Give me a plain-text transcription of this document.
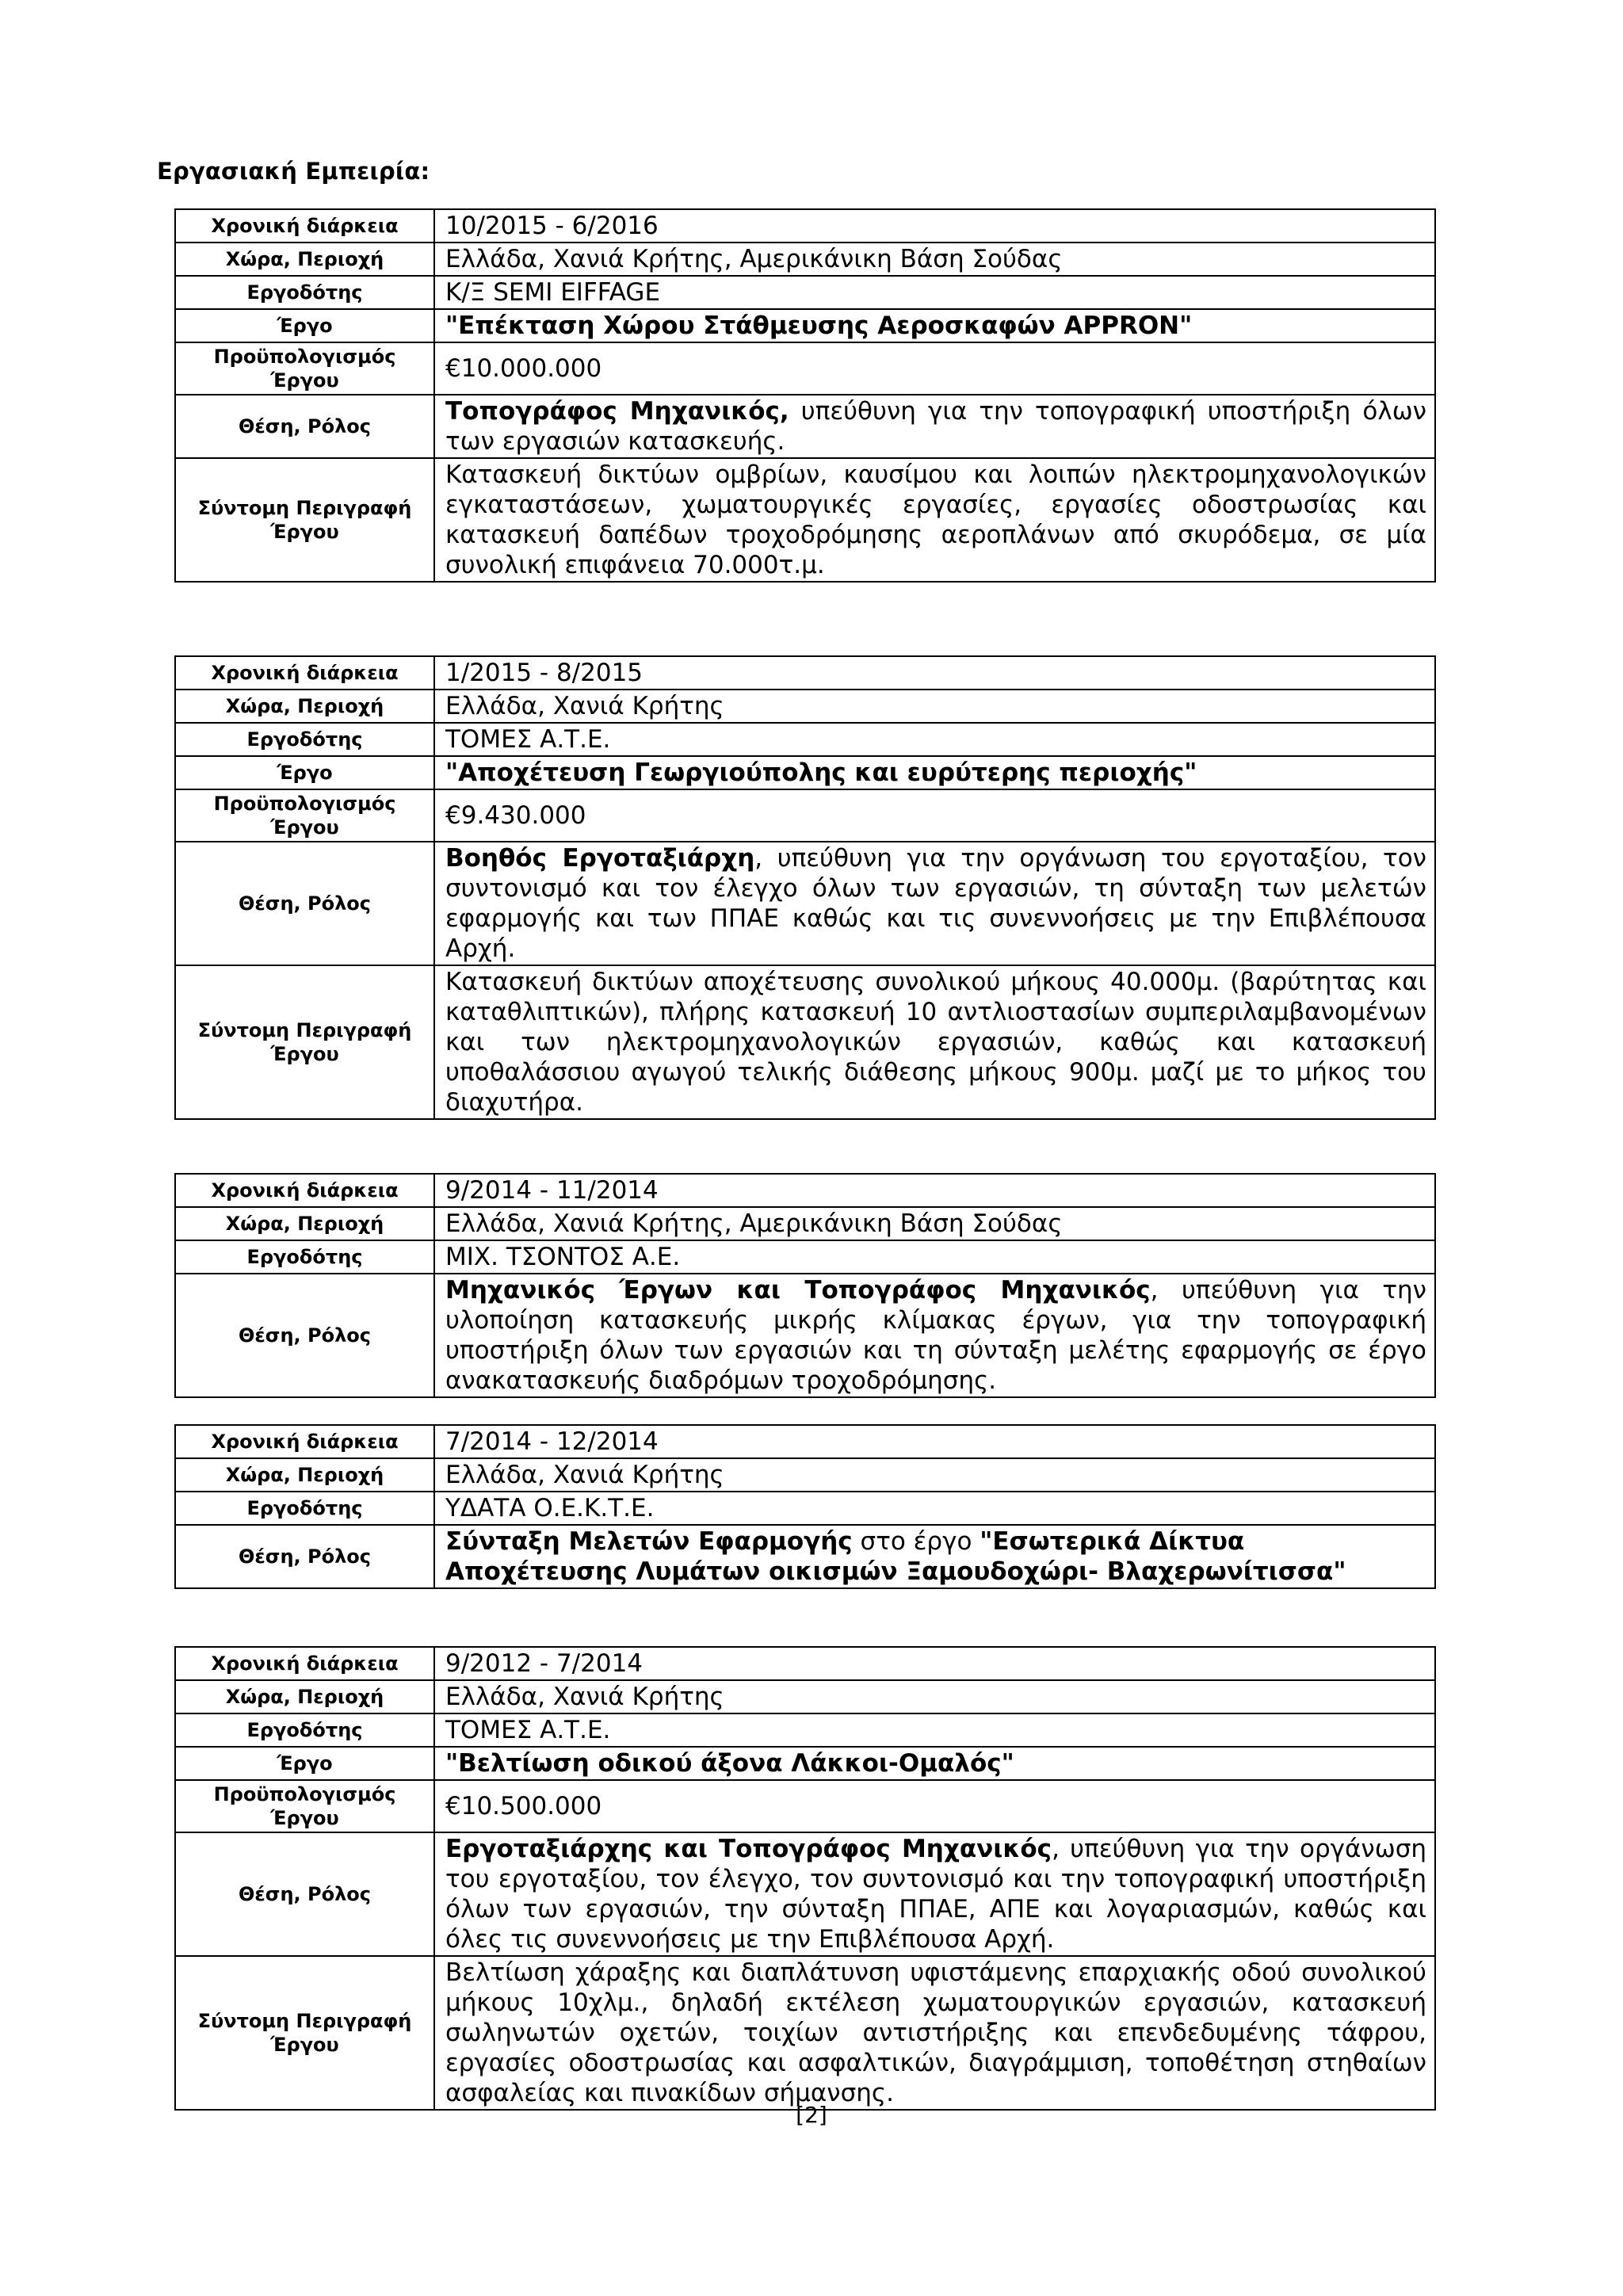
Εργασιακή Εμπειρία:
Χρονική διάρκεια	10/2015 - 6/2016
Χώρα, Περιοχή	Ελλάδα, Χανιά Κρήτης, Αμερικάνικη Βάση Σούδας
Εργοδότης	Κ/Ξ SEMI EIFFAGE
Έργο	"Επέκταση Χώρου Στάθμευσης Αεροσκαφών APPRON"
Προϋπολογισμός Έργου	€10.000.000
Θέση, Ρόλος	Τοπογράφος Μηχανικός, υπεύθυνη για την τοπογραφική υποστήριξη όλων των εργασιών κατασκευής.
Σύντομη Περιγραφή Έργου	Κατασκευή δικτύων ομβρίων, καυσίμου και λοιπών ηλεκτρομηχανολογικών εγκαταστάσεων, χωματουργικές εργασίες, εργασίες οδοστρωσίας και κατασκευή δαπέδων τροχοδρόμησης αεροπλάνων από σκυρόδεμα, σε μία συνολική επιφάνεια 70.000τ.μ.
Χρονική διάρκεια	1/2015 - 8/2015
Χώρα, Περιοχή	Ελλάδα, Χανιά Κρήτης
Εργοδότης	ΤΟΜΕΣ Α.Τ.Ε.
Έργο	"Αποχέτευση Γεωργιούπολης και ευρύτερης περιοχής"
Προϋπολογισμός Έργου	€9.430.000
Θέση, Ρόλος	Βοηθός Εργοταξιάρχη, υπεύθυνη για την οργάνωση του εργοταξίου, τον συντονισμό και τον έλεγχο όλων των εργασιών, τη σύνταξη των μελετών εφαρμογής και των ΠΠΑΕ καθώς και τις συνεννοήσεις με την Επιβλέπουσα Αρχή.
Σύντομη Περιγραφή Έργου	Κατασκευή δικτύων αποχέτευσης συνολικού μήκους 40.000μ. (βαρύτητας και καταθλιπτικών), πλήρης κατασκευή 10 αντλιοστασίων συμπεριλαμβανομένων και των ηλεκτρομηχανολογικών εργασιών, καθώς και κατασκευή υποθαλάσσιου αγωγού τελικής διάθεσης μήκους 900μ. μαζί με το μήκος του διαχυτήρα.
Χρονική διάρκεια	9/2014 - 11/2014
Χώρα, Περιοχή	Ελλάδα, Χανιά Κρήτης, Αμερικάνικη Βάση Σούδας
Εργοδότης	ΜΙΧ. ΤΣΟΝΤΟΣ Α.Ε.
Θέση, Ρόλος	Μηχανικός Έργων και Τοπογράφος Μηχανικός, υπεύθυνη για την υλοποίηση κατασκευής μικρής κλίμακας έργων, για την τοπογραφική υποστήριξη όλων των εργασιών και τη σύνταξη μελέτης εφαρμογής σε έργο ανακατασκευής διαδρόμων τροχοδρόμησης.
Χρονική διάρκεια	7/2014 - 12/2014
Χώρα, Περιοχή	Ελλάδα, Χανιά Κρήτης
Εργοδότης	ΥΔΑΤΑ Ο.Ε.Κ.Τ.Ε.
Θέση, Ρόλος	Σύνταξη Μελετών Εφαρμογής στο έργο "Εσωτερικά Δίκτυα Αποχέτευσης Λυμάτων οικισμών Ξαμουδοχώρι- Βλαχερωνίτισσα"
Χρονική διάρκεια	9/2012 - 7/2014
Χώρα, Περιοχή	Ελλάδα, Χανιά Κρήτης
Εργοδότης	ΤΟΜΕΣ Α.Τ.Ε.
Έργο	"Βελτίωση οδικού άξονα Λάκκοι-Ομαλός"
Προϋπολογισμός Έργου	€10.500.000
Θέση, Ρόλος	Εργοταξιάρχης και Τοπογράφος Μηχανικός, υπεύθυνη για την οργάνωση του εργοταξίου, τον έλεγχο, τον συντονισμό και την τοπογραφική υποστήριξη όλων των εργασιών, την σύνταξη ΠΠΑΕ, ΑΠΕ και λογαριασμών, καθώς και όλες τις συνεννοήσεις με την Επιβλέπουσα Αρχή.
Σύντομη Περιγραφή Έργου	Βελτίωση χάραξης και διαπλάτυνση υφιστάμενης επαρχιακής οδού συνολικού μήκους 10χλμ., δηλαδή εκτέλεση χωματουργικών εργασιών, κατασκευή σωληνωτών οχετών, τοιχίων αντιστήριξης και επενδεδυμένης τάφρου, εργασίες οδοστρωσίας και ασφαλτικών, διαγράμμιση, τοποθέτηση στηθαίων ασφαλείας και πινακίδων σήμανσης.
[2]
